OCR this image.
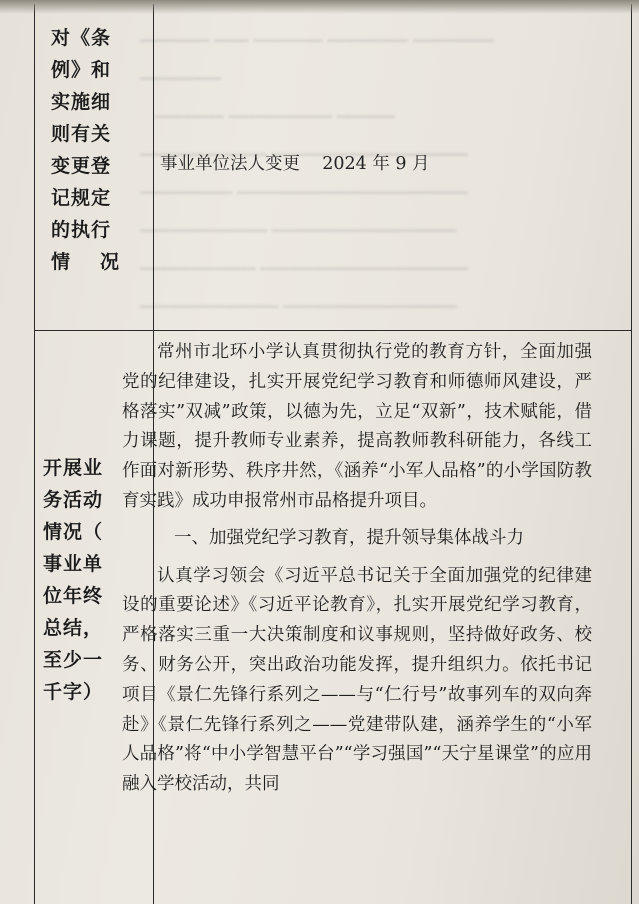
对《条
例》和
实施细
则有关
变更登
记规定
的执行
情况
开展业
务活动
情况（
事业单
位年终
总结，
至少一
千字）
▁▁▁▁▁▁ ▁▁▁ ▁▁▁▁▁▁ ▁▁▁▁▁▁▁ ▁▁▁▁▁▁▁
▁▁▁▁▁▁▁
▁▁▁▁▁▁ ▁▁▁▁▁▁▁▁▁ ▁▁▁▁▁
▁▁▁▁▁▁▁▁▁▁▁ ▁▁▁▁▁▁▁▁▁▁▁▁▁▁▁▁▁
▁▁▁▁▁▁▁▁ ▁▁▁▁▁▁▁▁▁▁▁▁▁▁▁▁▁▁▁▁
▁▁▁▁▁▁▁▁▁▁▁ ▁▁▁▁▁▁▁▁▁▁▁▁▁▁▁▁
▁▁▁▁▁▁▁▁▁▁ ▁▁▁▁▁▁▁▁▁▁▁▁▁▁▁▁▁▁
▁▁▁▁▁▁▁▁▁▁▁▁ ▁▁▁▁▁▁▁▁▁▁▁▁▁▁▁
事业单位法人变更 2024 年 9 月

常州市北环小学认真贯彻执行党的教育方针，全面加强党的纪律建设，扎实开展党纪学习教育和师德师风建设，严格落实”双减”政策，以德为先，立足“双新”，技术赋能，借力课题，提升教师专业素养，提高教师教科研能力，各线工作面对新形势、秩序井然，《涵养“小军人品格”的小学国防教育实践》成功申报常州市品格提升项目。

一、加强党纪学习教育，提升领导集体战斗力

认真学习领会《习近平总书记关于全面加强党的纪律建设的重要论述》《习近平论教育》，扎实开展党纪学习教育，严格落实三重一大决策制度和议事规则，坚持做好政务、校务、财务公开，突出政治功能发挥，提升组织力。依托书记项目《景仁先锋行系列之——与“仁行号”故事列车的双向奔赴》《景仁先锋行系列之——党建带队建，涵养学生的“小军人品格”将“中小学智慧平台”“学习强国”“天宁星课堂”的应用融入学校活动，共同
